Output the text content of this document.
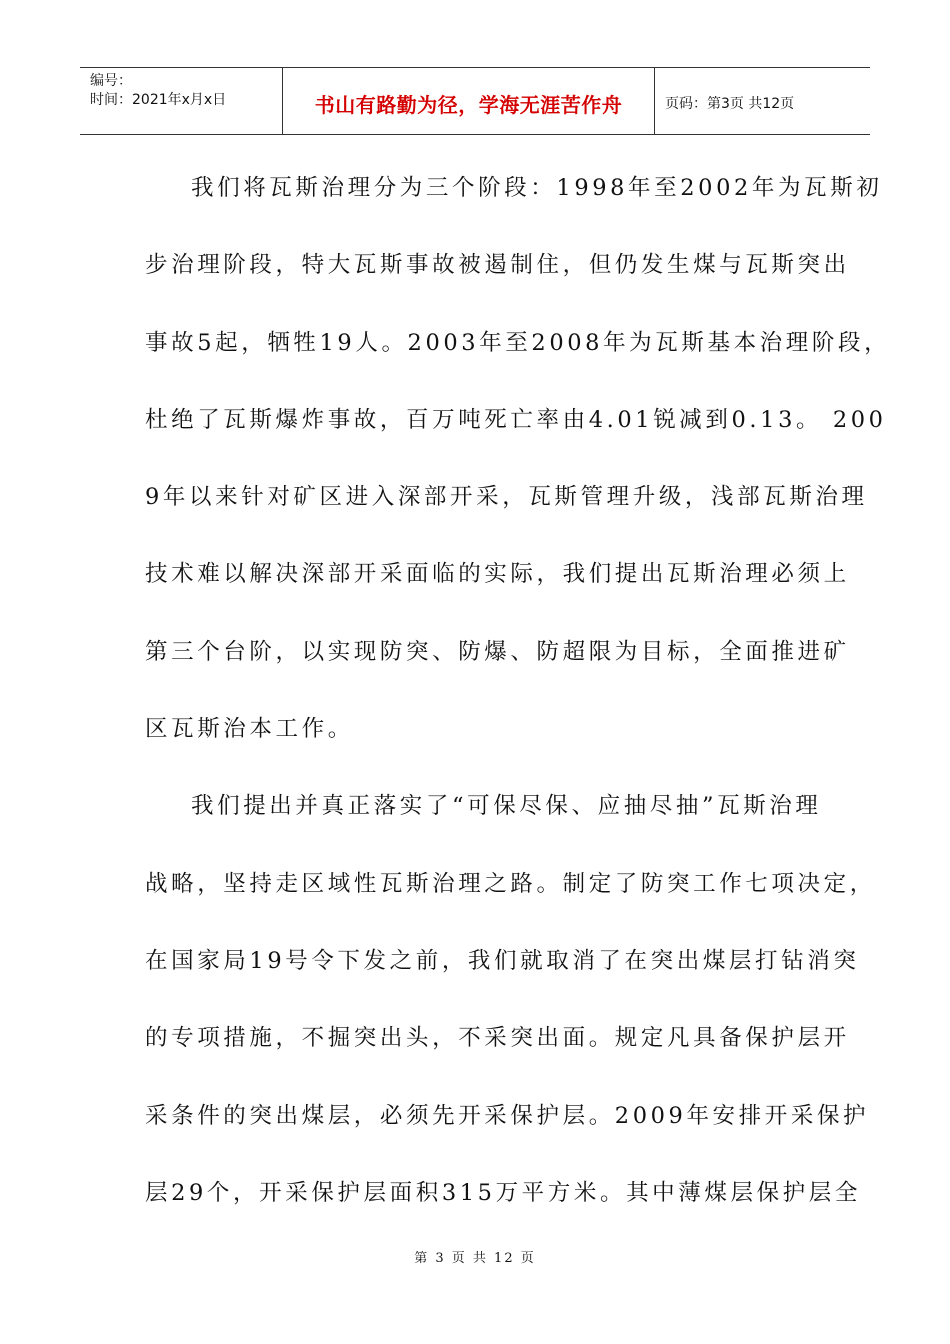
编号：
时间：2021年x月x日	书山有路勤为径，学海无涯苦作舟	页码：第3页 共12页
我们将瓦斯治理分为三个阶段：1998年至2002年为瓦斯初
步治理阶段，特大瓦斯事故被遏制住，但仍发生煤与瓦斯突出
事故5起，牺牲19人。2003年至2008年为瓦斯基本治理阶段，
杜绝了瓦斯爆炸事故，百万吨死亡率由4.01锐减到0.13。 200
9年以来针对矿区进入深部开采，瓦斯管理升级，浅部瓦斯治理
技术难以解决深部开采面临的实际，我们提出瓦斯治理必须上
第三个台阶，以实现防突、防爆、防超限为目标，全面推进矿
区瓦斯治本工作。
我们提出并真正落实了“可保尽保、应抽尽抽”瓦斯治理
战略，坚持走区域性瓦斯治理之路。制定了防突工作七项决定，
在国家局19号令下发之前，我们就取消了在突出煤层打钻消突
的专项措施，不掘突出头，不采突出面。规定凡具备保护层开
采条件的突出煤层，必须先开采保护层。2009年安排开采保护
层29个，开采保护层面积315万平方米。其中薄煤层保护层全
第 3 页 共 12 页
